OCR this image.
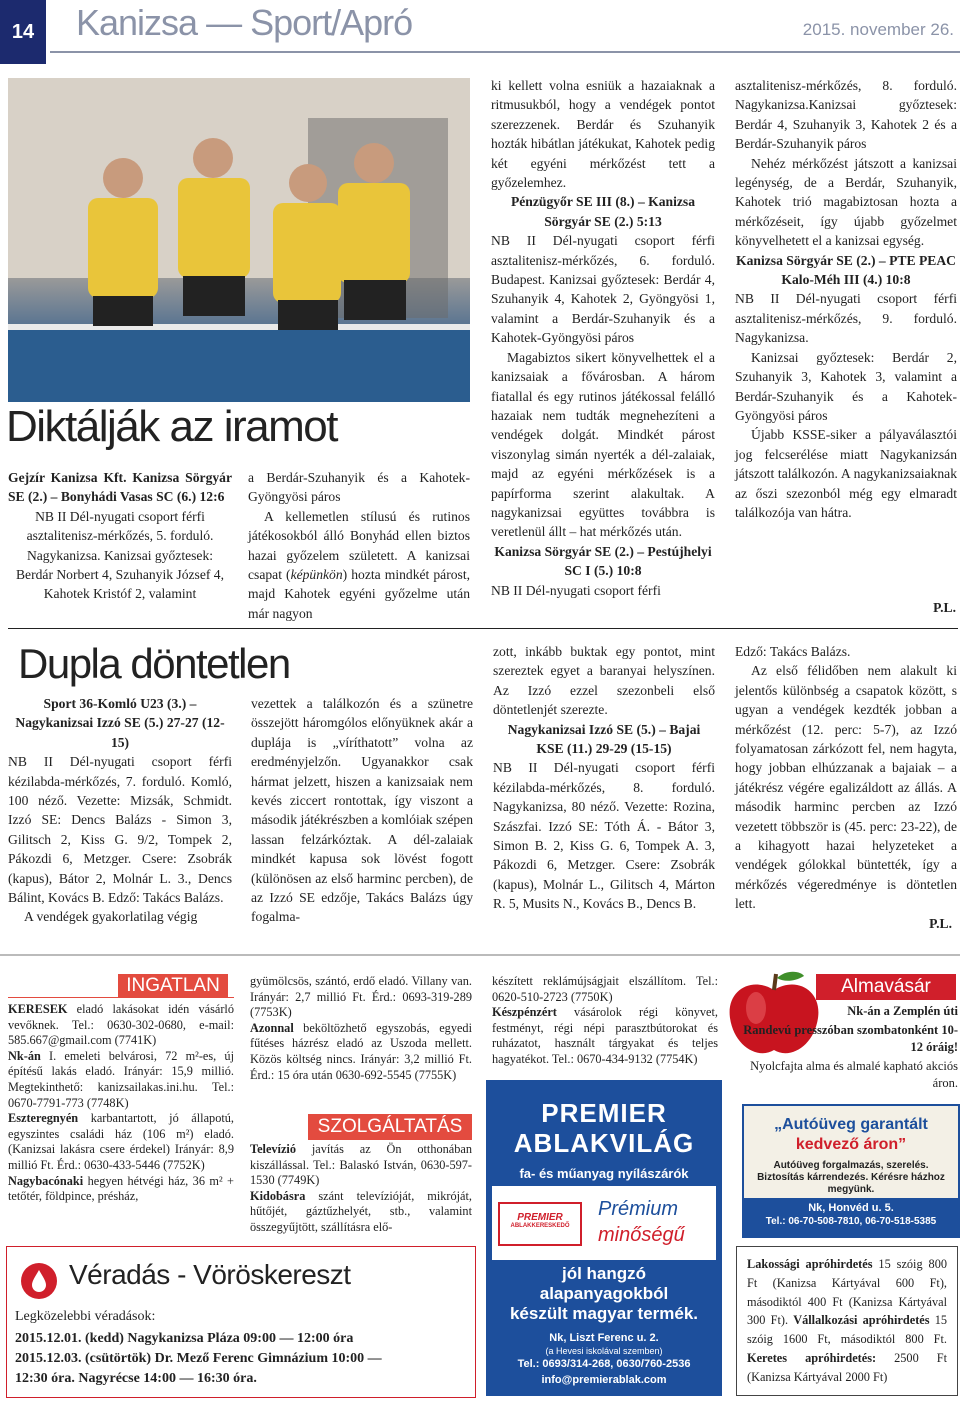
14 Kanizsa — Sport/Apró	2015. november 26.
Diktálják az iramot
Gejzír Kanizsa Kft. Kanizsa Sörgyár SE (2.) – Bonyhádi Vasas SC (6.) 12:6

NB II Dél-nyugati csoport férfi asztalitenisz-mérkőzés, 5. forduló. Nagykanizsa. Kanizsai győztesek: Berdár Norbert 4, Szuhanyik József 4, Kahotek Kristóf 2, valamint

a Berdár-Szuhanyik és a Kahotek-Gyöngyösi páros

A kellemetlen stílusú és rutinos játékosokból álló Bonyhád ellen biztos hazai győzelem született. A kanizsai csapat (képünkön) hozta mindkét párost, majd Kahotek egyéni győzelme után már nagyon

ki kellett volna esniük a hazaiaknak a ritmusukból, hogy a vendégek pontot szerezzenek. Berdár és Szuhanyik hozták hibátlan játékukat, Kahotek pedig két egyéni mérkőzést tett a győzelemhez.

Pénzügyőr SE III (8.) – Kanizsa Sörgyár SE (2.) 5:13

NB II Dél-nyugati csoport férfi asztalitenisz-mérkőzés, 6. forduló. Budapest. Kanizsai győztesek: Berdár 4, Szuhanyik 4, Kahotek 2, Gyöngyösi 1, valamint a Berdár-Szuhanyik és a Kahotek-Gyöngyösi páros

Magabiztos sikert könyvelhettek el a kanizsaiak a fővárosban. A három fiatallal és egy rutinos játékossal felálló hazaiak nem tudták megnehezíteni a vendégek dolgát. Mindkét párost viszonylag simán nyerték a dél-zalaiak, majd az egyéni mérkőzések is a papírforma szerint alakultak. A nagykanizsai együttes továbbra is veretlenül állt – hat mérkőzés után.

Kanizsa Sörgyár SE (2.) – Pestújhelyi SC I (5.) 10:8

NB II Dél-nyugati csoport férfi

asztalitenisz-mérkőzés, 8. forduló. Nagykanizsa.Kanizsai győztesek: Berdár 4, Szuhanyik 3, Kahotek 2 és a Berdár-Szuhanyik páros

Nehéz mérkőzést játszott a kanizsai legénység, de a Berdár, Szuhanyik, Kahotek trió magabiztosan hozta a mérkőzéseit, így újabb győzelmet könyvelhetett el a kanizsai egység.

Kanizsa Sörgyár SE (2.) – PTE PEAC Kalo-Méh III (4.) 10:8

NB II Dél-nyugati csoport férfi asztalitenisz-mérkőzés, 9. forduló. Nagykanizsa.

Kanizsai győztesek: Berdár 2, Szuhanyik 3, Kahotek 3, valamint a Berdár-Szuhanyik és a Kahotek-Gyöngyösi páros

Újabb KSSE-siker a pályaválasztói jog felcserélése miatt Nagykanizsán játszott találkozón. A nagykanizsaiaknak az őszi szezonból még egy elmaradt találkozója van hátra.

P.L.
Dupla döntetlen

Sport 36-Komló U23 (3.) – Nagykanizsai Izzó SE (5.) 27-27 (12-15)

NB II Dél-nyugati csoport férfi kézilabda-mérkőzés, 7. forduló. Komló, 100 néző. Vezette: Mizsák, Schmidt. Izzó SE: Dencs Balázs - Simon 3, Gilitsch 2, Kiss G. 9/2, Tompek 2, Pákozdi 6, Metzger. Csere: Zsobrák (kapus), Bátor 2, Molnár L. 3., Dencs Bálint, Kovács B. Edző: Takács Balázs.

A vendégek gyakorlatilag végig

vezettek a találkozón és a szünetre összejött háromgólos előnyüknek akár a duplája is „víríthatott” volna az eredményjelzőn. Ugyanakkor csak hármat jelzett, hiszen a kanizsaiak nem kevés ziccert rontottak, így viszont a második játékrészben a komlóiak szépen lassan felzárkóztak. A dél-zalaiak mindkét kapusa sok lövést fogott (különösen az első harminc percben), de az Izzó SE edzője, Takács Balázs úgy fogalma-

zott, inkább buktak egy pontot, mint szereztek egyet a baranyai helyszínen. Az Izzó ezzel szezonbeli első döntetlenjét szerezte.

Nagykanizsai Izzó SE (5.) – Bajai KSE (11.) 29-29 (15-15)

NB II Dél-nyugati csoport férfi kézilabda-mérkőzés, 8. forduló. Nagykanizsa, 80 néző. Vezette: Rozina, Szászfai. Izzó SE: Tóth Á. - Bátor 3, Simon B. 2, Kiss G. 6, Tompek A. 3, Pákozdi 6, Metzger. Csere: Zsobrák (kapus), Molnár L., Gilitsch 4, Márton R. 5, Musits N., Kovács B., Dencs B.

Edző: Takács Balázs.

Az első félidőben nem alakult ki jelentős különbség a csapatok között, s ugyan a vendégek kezdték jobban a mérkőzést (12. perc: 5-7), az Izzó folyamatosan zárkózott fel, nem hagyta, hogy jobban elhúzzanak a bajaiak – a játékrész végére egalizáldott az állás. A második harminc percben az Izzó vezetett többször is (45. perc: 23-22), de a kihagyott hazai helyzeteket a vendégek gólokkal büntették, így a mérkőzés végeredménye is döntetlen lett.

P.L.
INGATLAN

KERESEK eladó lakásokat idén vásárló vevőknek. Tel.: 0630-302-0680, e-mail: 585.667@gmail.com (7741K)

Nk-án I. emeleti belvárosi, 72 m²-es, új építésű lakás eladó. Irányár: 15,9 millió. Megtekinthető: kanizsailakas.ini.hu. Tel.: 0670-7791-773 (7748K)

Eszteregnyén karbantartott, jó állapotú, egyszintes családi ház (106 m²) eladó. (Kanizsai lakásra csere érdekel) Irányár: 8,9 millió Ft. Érd.: 0630-433-5446 (7752K)

Nagybacónaki hegyen hétvégi ház, 36 m² + tetőtér, földpince, présház,

gyümölcsös, szántó, erdő eladó. Villany van. Irányár: 2,7 millió Ft. Érd.: 0693-319-289 (7753K)

Azonnal beköltözhető egyszobás, egyedi fűtéses házrész eladó az Uszoda mellett. Közös költség nincs. Irányár: 3,2 millió Ft. Érd.: 15 óra után 0630-692-5545 (7755K)

SZOLGÁLTATÁS

Televízió javítás az Ön otthonában kiszállással. Tel.: Balaskó István, 0630-597-1530 (7749K)

Kidobásra szánt televízióját, mikróját, hűtőjét, gáztűzhelyét, stb., valamint összegyűjtött, szállításra elő-

készített reklámújságjait elszállítom. Tel.: 0620-510-2723 (7750K)

Készpénzért vásárolok régi könyvet, festményt, régi népi parasztbútorokat és ruházatot, használt tárgyakat és teljes hagyatékot. Tel.: 0670-434-9132 (7754K)

Almavásár
Nk-án a Zemplén úti
Randevú presszóban szombatonként 10-12 óráig!
Nyolcfajta alma és almalé kapható akciós áron.
PREMIER
ABLAKVILÁG
fa- és műanyag nyílászárók
PREMIER
ABLAKKERESKEDŐ
Prémium
minőségű
jól hangzó
alapanyagokból
készült magyar termék.
Nk, Liszt Ferenc u. 2.
(a Hevesi iskolával szemben)
Tel.: 0693/314-268, 0630/760-2536
info@premierablak.com
„Autóüveg garantált
kedvező áron”
Autóüveg forgalmazás, szerelés. Biztosítás kárrendezés. Kérésre házhoz megyünk.
Nk, Honvéd u. 5.
Tel.: 06-70-508-7810, 06-70-518-5385
Lakossági apróhirdetés 15 szóig 800 Ft (Kanizsa Kártyával 600 Ft), másodiktól 400 Ft (Kanizsa Kártyával 300 Ft). Vállalkozási apróhirdetés 15 szóig 1600 Ft, másodiktól 800 Ft. Keretes apróhirdetés: 2500 Ft (Kanizsa Kártyával 2000 Ft)
Véradás - Vöröskereszt
Legközelebbi véradások:
2015.12.01. (kedd) Nagykanizsa Pláza 09:00 — 12:00 óra
2015.12.03. (csütörtök) Dr. Mező Ferenc Gimnázium 10:00 —
12:30 óra. Nagyrécse 14:00 — 16:30 óra.
